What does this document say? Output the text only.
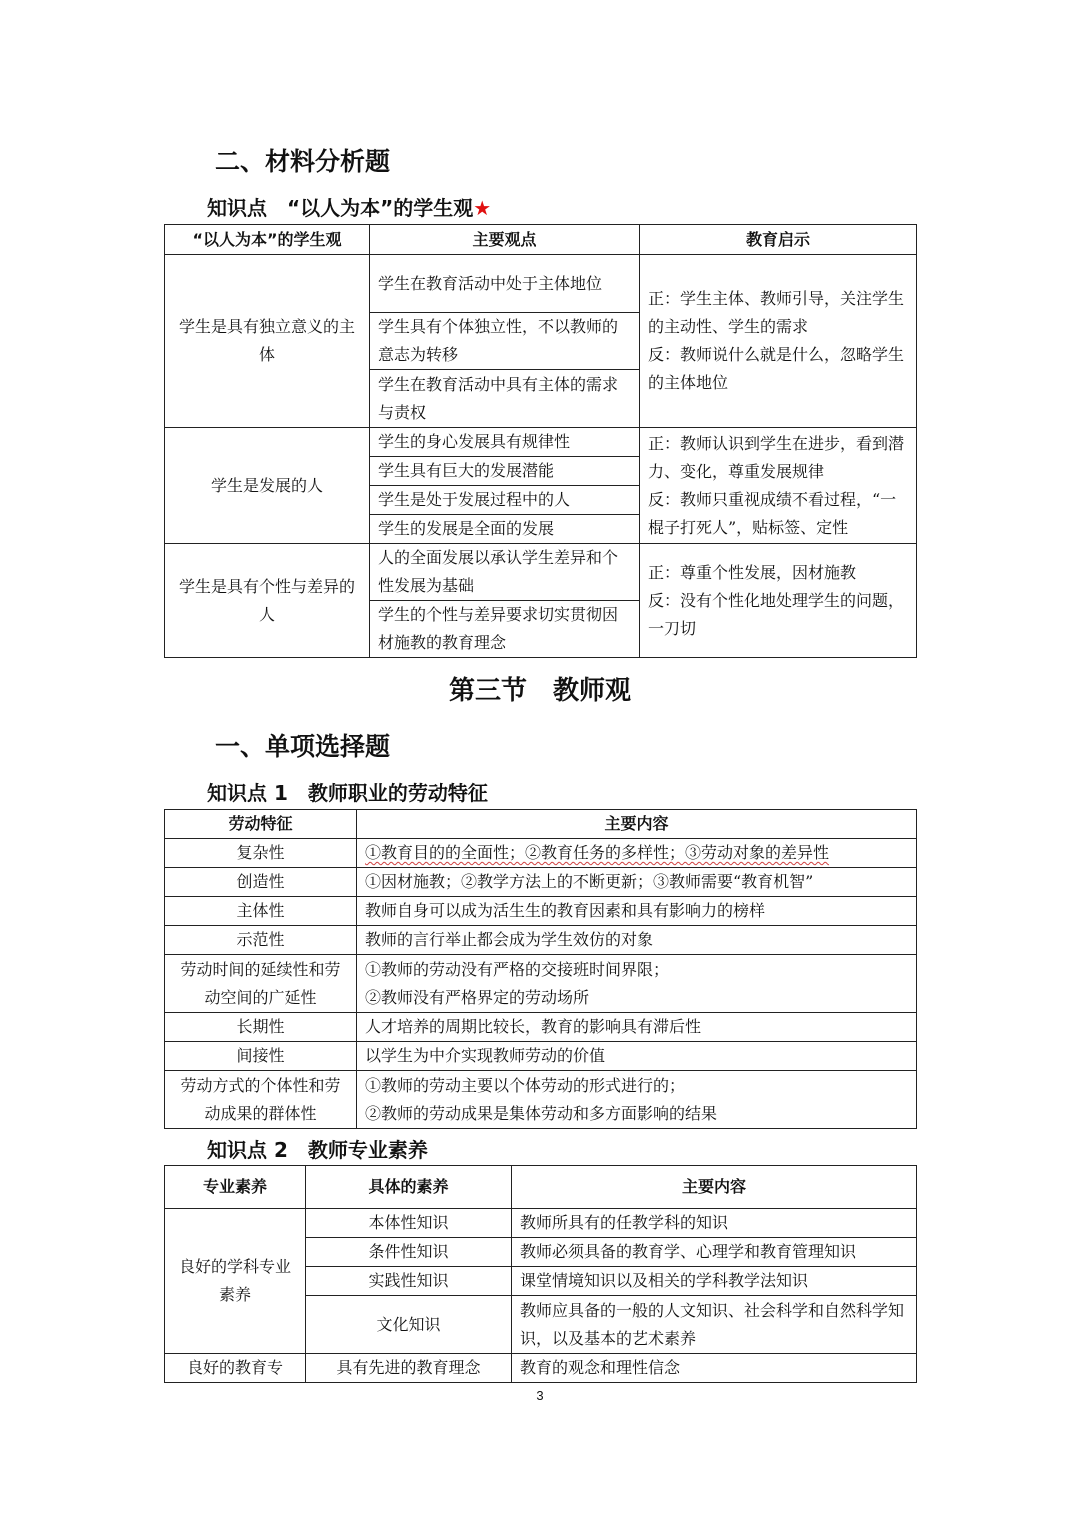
二、材料分析题

知识点　“以人为本”的学生观★

“以人为本”的学生观	主要观点	教育启示
学生是具有独立意义的主体	学生在教育活动中处于主体地位	正：学生主体、教师引导，关注学生的主动性、学生的需求
反：教师说什么就是什么，忽略学生的主体地位
	学生具有个体独立性，不以教师的意志为转移	
	学生在教育活动中具有主体的需求与责权	
学生是发展的人	学生的身心发展具有规律性	正：教师认识到学生在进步，看到潜力、变化，尊重发展规律
反：教师只重视成绩不看过程，“一棍子打死人”，贴标签、定性
	学生具有巨大的发展潜能	
	学生是处于发展过程中的人	
	学生的发展是全面的发展	
学生是具有个性与差异的人	人的全面发展以承认学生差异和个性发展为基础	正：尊重个性发展，因材施教
反：没有个性化地处理学生的问题，一刀切
	学生的个性与差异要求切实贯彻因材施教的教育理念	
第三节　教师观
一、单项选择题

知识点 1　教师职业的劳动特征

劳动特征	主要内容
复杂性	①教育目的的全面性；②教育任务的多样性；③劳动对象的差异性
创造性	①因材施教；②教学方法上的不断更新；③教师需要“教育机智”
主体性	教师自身可以成为活生生的教育因素和具有影响力的榜样
示范性	教师的言行举止都会成为学生效仿的对象
劳动时间的延续性和劳动空间的广延性	①教师的劳动没有严格的交接班时间界限；
②教师没有严格界定的劳动场所
长期性	人才培养的周期比较长，教育的影响具有滞后性
间接性	以学生为中介实现教师劳动的价值
劳动方式的个体性和劳动成果的群体性	①教师的劳动主要以个体劳动的形式进行的；
②教师的劳动成果是集体劳动和多方面影响的结果

知识点 2　教师专业素养

专业素养	具体的素养	主要内容
良好的学科专业素养	本体性知识	教师所具有的任教学科的知识
	条件性知识	教师必须具备的教育学、心理学和教育管理知识
	实践性知识	课堂情境知识以及相关的学科教学法知识
	文化知识	教师应具备的一般的人文知识、社会科学和自然科学知识，以及基本的艺术素养
良好的教育专	具有先进的教育理念	教育的观念和理性信念
3
